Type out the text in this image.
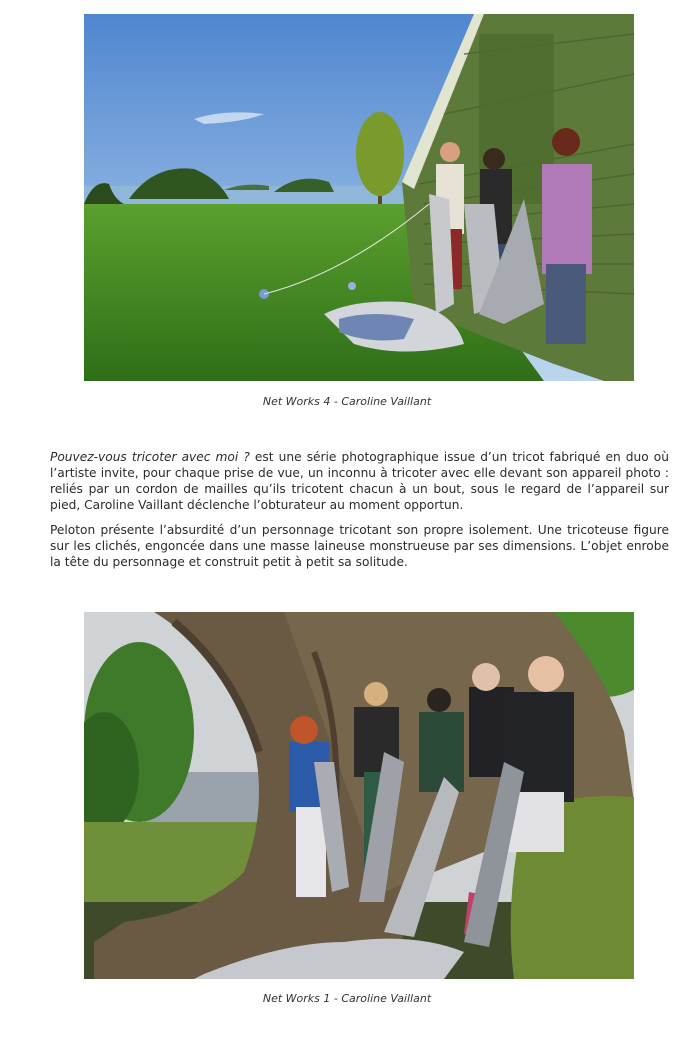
Net Works 4 - Caroline Vaillant

Pouvez-vous tricoter avec moi ? est une série photographique issue d’un tricot fabriqué en duo où l’artiste invite, pour chaque prise de vue, un inconnu à tricoter avec elle devant son appareil photo : reliés par un cordon de mailles qu’ils tricotent chacun à un bout, sous le regard de l’appareil sur pied, Caroline Vaillant déclenche l’obturateur au moment opportun.

Peloton présente l’absurdité d’un personnage tricotant son propre isolement. Une tricoteuse figure sur les clichés, engoncée dans une masse laineuse monstrueuse par ses dimensions. L’objet enrobe la tête du personnage et construit petit à petit sa solitude.

Net Works 1 - Caroline Vaillant
